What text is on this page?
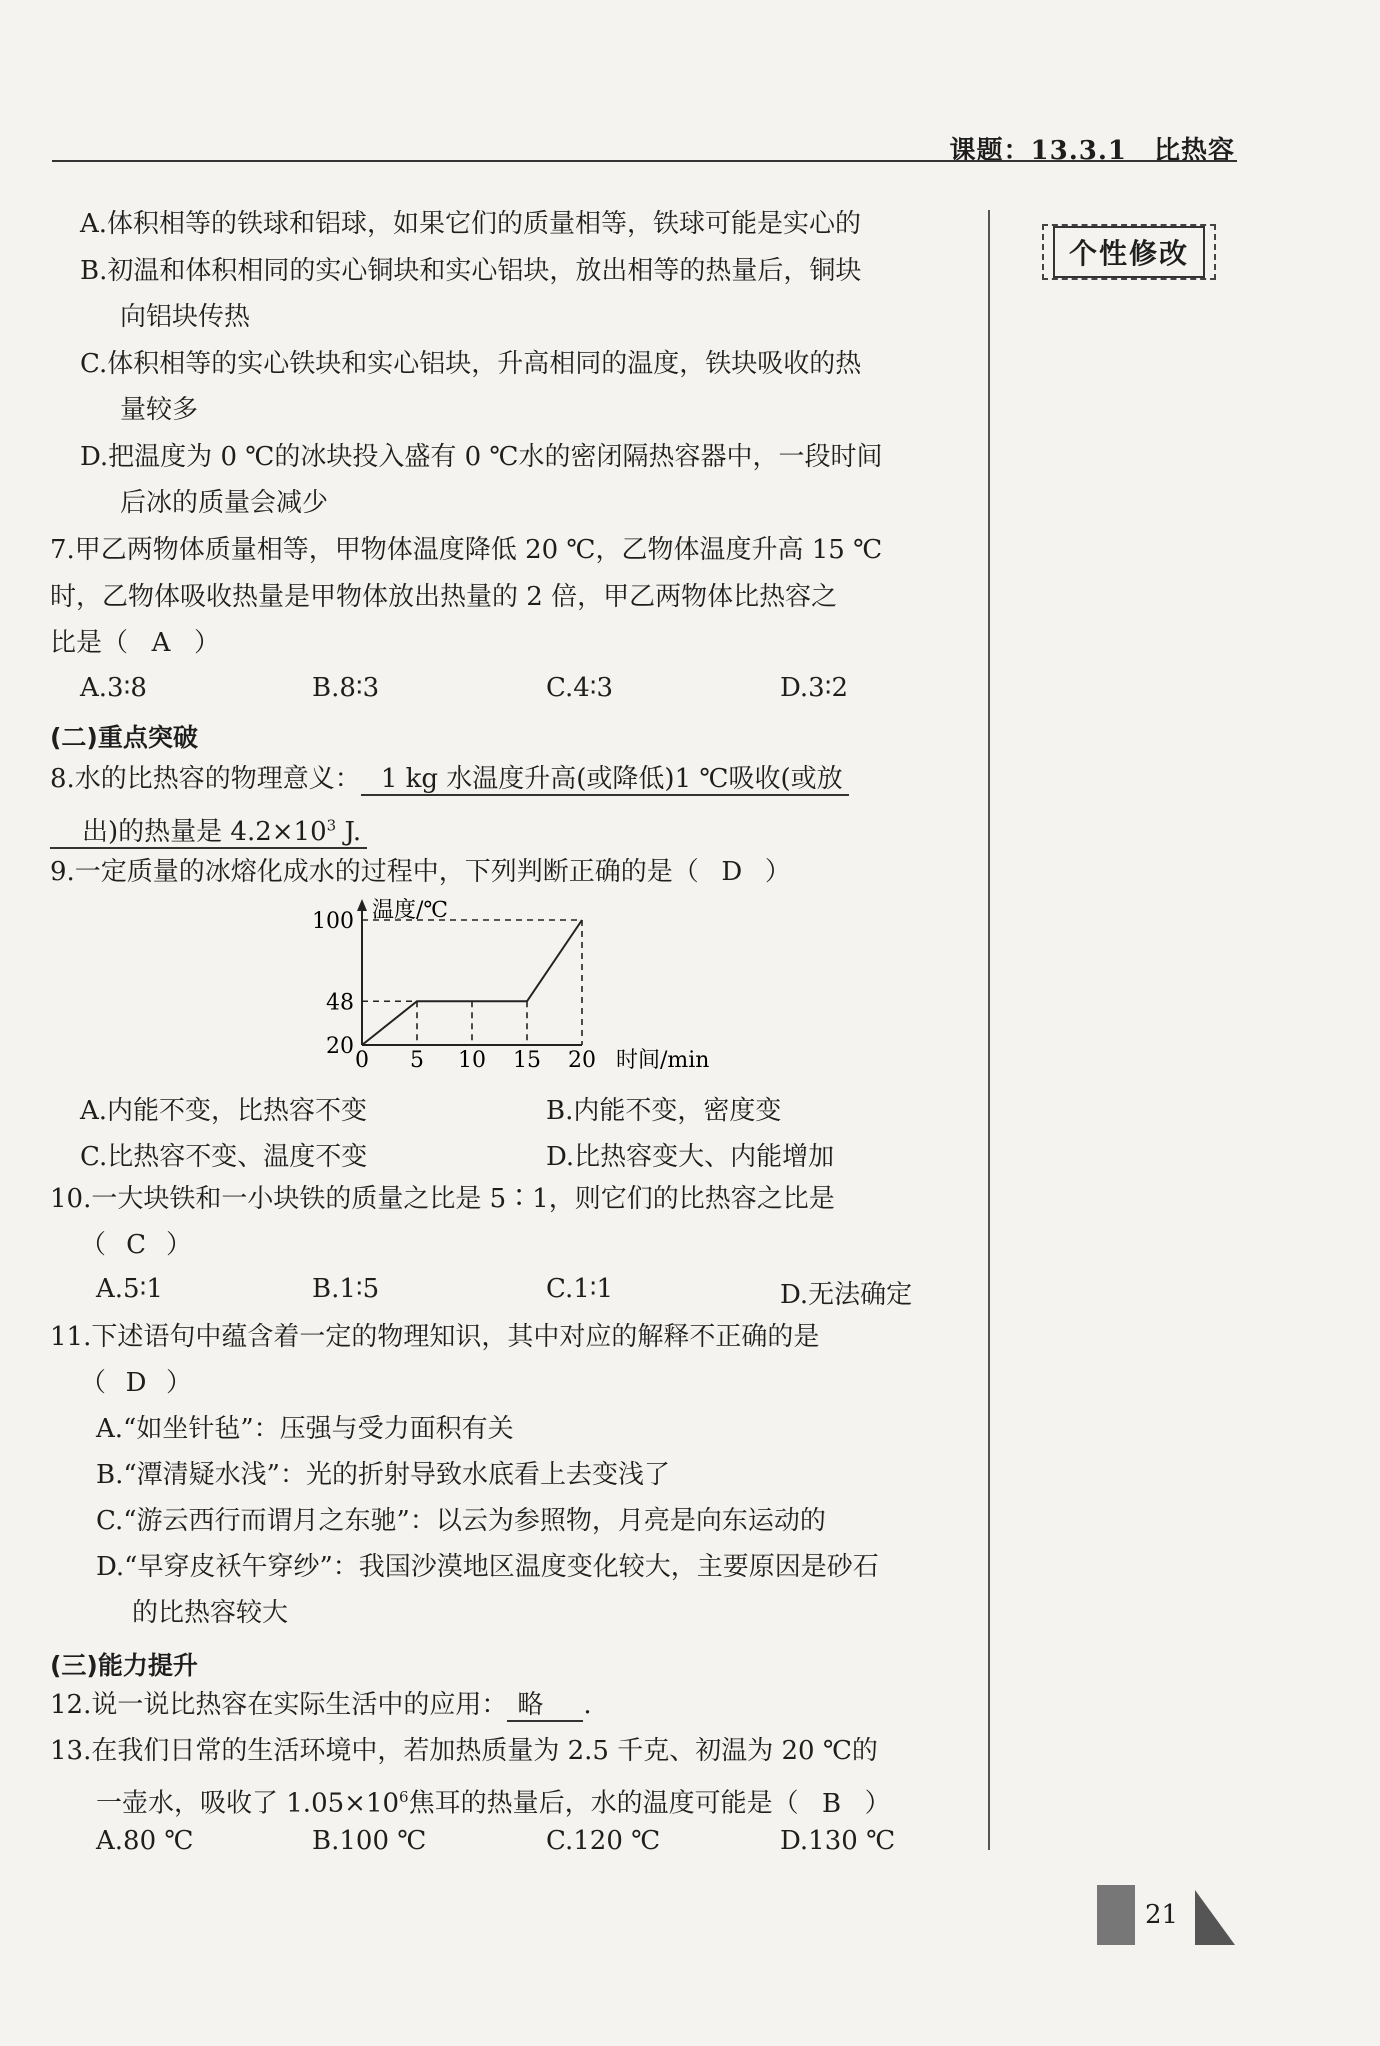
课题：13.3.1　比热容
个性修改
A.体积相等的铁球和铝球，如果它们的质量相等，铁球可能是实心的
B.初温和体积相同的实心铜块和实心铝块，放出相等的热量后，铜块
向铝块传热
C.体积相等的实心铁块和实心铝块，升高相同的温度，铁块吸收的热
量较多
D.把温度为 0 ℃的冰块投入盛有 0 ℃水的密闭隔热容器中，一段时间
后冰的质量会减少
7.甲乙两物体质量相等，甲物体温度降低 20 ℃，乙物体温度升高 15 ℃
时，乙物体吸收热量是甲物体放出热量的 2 倍，甲乙两物体比热容之
比是（ A ）
A.3∶8	B.8∶3	C.4∶3	D.3∶2
(二)重点突破
8.水的比热容的物理意义： 1 kg 水温度升高(或降低)1 ℃吸收(或放
出)的热量是 $4.2\times 10^3$ J.
9.一定质量的冰熔化成水的过程中，下列判断正确的是（ D ）
温度/℃
时间/min
0 5 10 15 20
20
48
100
A.内能不变，比热容不变	B.内能不变，密度变
C.比热容不变、温度不变	D.比热容变大、内能增加
10.一大块铁和一小块铁的质量之比是 5∶1，则它们的比热容之比是
（ C ）
A.5∶1	B.1∶5	C.1∶1	D.无法确定
11.下述语句中蕴含着一定的物理知识，其中对应的解释不正确的是
（ D ）
A.“如坐针毡”：压强与受力面积有关
B.“潭清疑水浅”：光的折射导致水底看上去变浅了
C.“游云西行而谓月之东驰”：以云为参照物，月亮是向东运动的
D.“早穿皮袄午穿纱”：我国沙漠地区温度变化较大，主要原因是砂石
的比热容较大
(三)能力提升
12.说一说比热容在实际生活中的应用： 略 .
13.在我们日常的生活环境中，若加热质量为 2.5 千克、初温为 20 ℃的
一壶水，吸收了 $1.05\times 10^6$焦耳的热量后，水的温度可能是（ B ）
A.80 ℃	B.100 ℃	C.120 ℃	D.130 ℃
21
